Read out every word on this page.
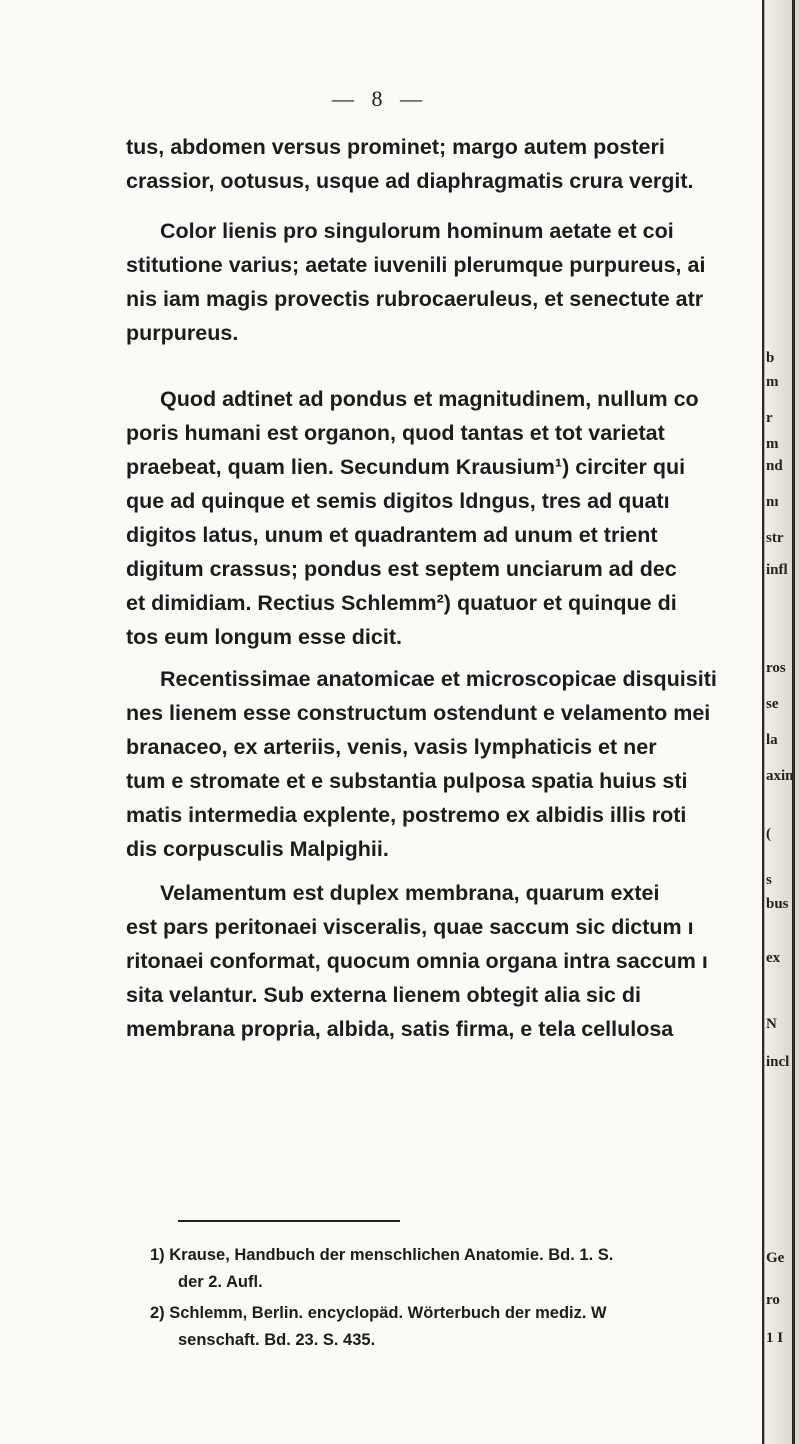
b
m
r
m
nd
nı
str
infl
ros
se
la
axin
(
s
bus
ex
N
incl
Ge
ro
1 I
— 8 —
tus, abdomen versus prominet; margo autem posteri
crassior, ootusus, usque ad diaphragmatis crura vergit.
Color lienis pro singulorum hominum aetate et coi
stitutione varius; aetate iuvenili plerumque purpureus, ai
nis iam magis provectis rubrocaeruleus, et senectute atr
purpureus.
Quod adtinet ad pondus et magnitudinem, nullum co
poris humani est organon, quod tantas et tot varietat
praebeat, quam lien. Secundum Krausium¹) circiter qui
que ad quinque et semis digitos ldngus, tres ad quatı
digitos latus, unum et quadrantem ad unum et trient
digitum crassus; pondus est septem unciarum ad dec
et dimidiam. Rectius Schlemm²) quatuor et quinque di
tos eum longum esse dicit.
Recentissimae anatomicae et microscopicae disquisiti
nes lienem esse constructum ostendunt e velamento mei
branaceo, ex arteriis, venis, vasis lymphaticis et ner
tum e stromate et e substantia pulposa spatia huius sti
matis intermedia explente, postremo ex albidis illis roti
dis corpusculis Malpighii.
Velamentum est duplex membrana, quarum extei
est pars peritonaei visceralis, quae saccum sic dictum ı
ritonaei conformat, quocum omnia organa intra saccum ı
sita velantur. Sub externa lienem obtegit alia sic di
membrana propria, albida, satis firma, e tela cellulosa
1) Krause, Handbuch der menschlichen Anatomie. Bd. 1. S.
der 2. Aufl.
2) Schlemm, Berlin. encyclopäd. Wörterbuch der mediz. W
senschaft. Bd. 23. S. 435.
